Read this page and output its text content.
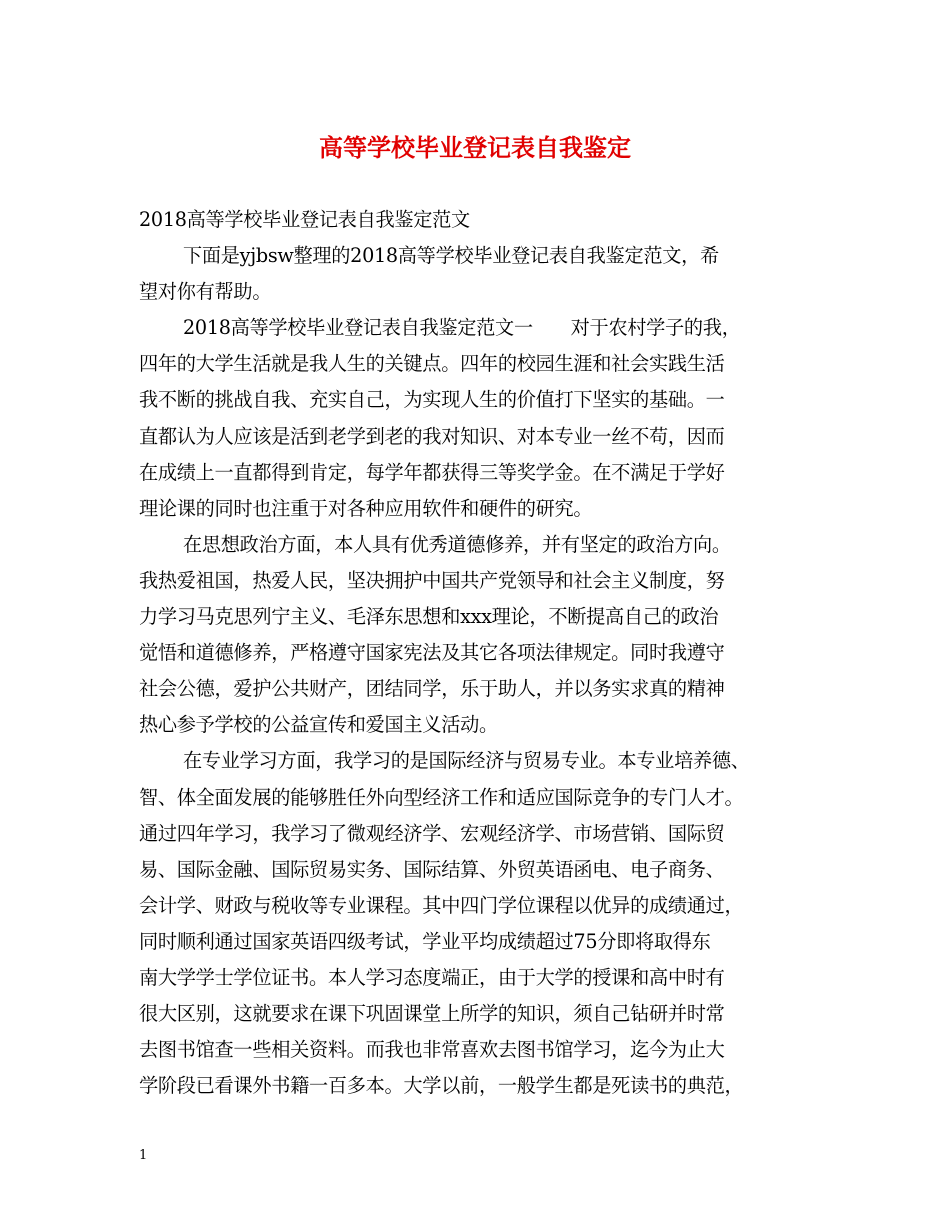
高等学校毕业登记表自我鉴定
2018高等学校毕业登记表自我鉴定范文
下面是yjbsw整理的2018高等学校毕业登记表自我鉴定范文，希
望对你有帮助。
2018高等学校毕业登记表自我鉴定范文一　　对于农村学子的我，
四年的大学生活就是我人生的关键点。四年的校园生涯和社会实践生活
我不断的挑战自我、充实自己，为实现人生的价值打下坚实的基础。一
直都认为人应该是活到老学到老的我对知识、对本专业一丝不苟，因而
在成绩上一直都得到肯定，每学年都获得三等奖学金。在不满足于学好
理论课的同时也注重于对各种应用软件和硬件的研究。
在思想政治方面，本人具有优秀道德修养，并有坚定的政治方向。
我热爱祖国，热爱人民，坚决拥护中国共产党领导和社会主义制度，努
力学习马克思列宁主义、毛泽东思想和xxx理论，不断提高自己的政治
觉悟和道德修养，严格遵守国家宪法及其它各项法律规定。同时我遵守
社会公德，爱护公共财产，团结同学，乐于助人，并以务实求真的精神
热心参予学校的公益宣传和爱国主义活动。
在专业学习方面，我学习的是国际经济与贸易专业。本专业培养德、
智、体全面发展的能够胜任外向型经济工作和适应国际竞争的专门人才。
通过四年学习，我学习了微观经济学、宏观经济学、市场营销、国际贸
易、国际金融、国际贸易实务、国际结算、外贸英语函电、电子商务、
会计学、财政与税收等专业课程。其中四门学位课程以优异的成绩通过，
同时顺利通过国家英语四级考试，学业平均成绩超过75分即将取得东
南大学学士学位证书。本人学习态度端正，由于大学的授课和高中时有
很大区别，这就要求在课下巩固课堂上所学的知识，须自己钻研并时常
去图书馆查一些相关资料。而我也非常喜欢去图书馆学习，迄今为止大
学阶段已看课外书籍一百多本。大学以前，一般学生都是死读书的典范，
1
